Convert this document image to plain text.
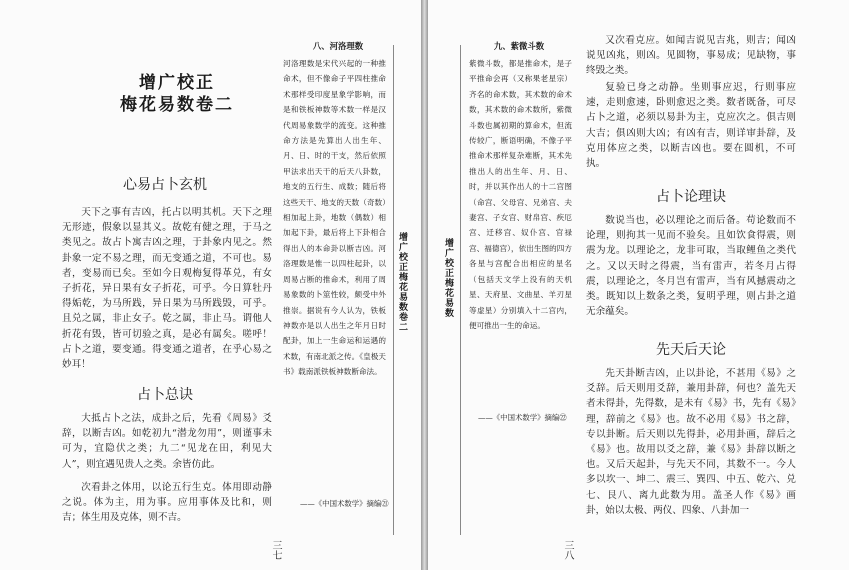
增广校正
梅花易数卷二
心易占卜玄机

天下之事有吉凶，托占以明其机。天下之理无形迹，假象以显其义。故乾有健之理，于马之类见之。故占卜寓吉凶之理，于卦象内见之。然卦象一定不易之理，而无变通之道，不可也。易者，变易而已矣。至如今日观梅复得革兑，有女子折花，异日果有女子折花，可乎。今日算牡丹得姤乾，为马所践，异日果为马所践毁，可乎。且兑之属，非止女子。乾之属，非止马。谓他人折花有毁，皆可切验之真，是必有属矣。嗟呼！占卜之道，要变通。得变通之道者，在乎心易之妙耳！

占卜总诀

大抵占卜之法，成卦之后，先看《周易》爻辞，以断吉凶。如乾初九“潜龙勿用”，则谨事未可为，宜隐伏之类；九二“见龙在田，利见大人”，则宜遇见贵人之类。余皆仿此。

次看卦之体用，以论五行生克。体用即动静之说。体为主，用为事。应用事体及比和，则吉；体生用及克体，则不吉。

八、河洛理数

河洛理数是宋代兴起的一种推命术，但不像命子平四柱推命术那样受印度星象学影响，而是和铁板神数等术数一样是汉代周易象数学的流变。这种推命方法是先算出人出生年、月、日、时的干支，然后依照甲法求出天干的后天八卦数，地支的五行生、成数；随后将这些天干、地支的天数（奇数）相加起上卦，地数（偶数）相加起下卦，最后将上下卦相合得出人的本命卦以断吉凶。河洛理数是惟一以四柱起卦，以周易占断的推命术，利用了周易象数的卜筮性较，颇受中外推崇。据说有今人认为，铁板神数亦是以人出生之年月日时配卦，加上一生命运和运遇的术数，有南北派之传。《皇极天书》载南派铁板神数断命法。

——《中国术数学》摘编㉑

增广校正梅花易数卷二
三七
增广校正梅花易数
九、紫微斗数

紫微斗数，都是推命术，是子平推命会再（又称果老星宗）齐名的命术数，其术数的命术数，其术数的命术数所，紫微斗数也属初期的算命术，但流传较广，断语明确，不像子平推命术那样复杂难断，其术先推出人的出生年、月、日、时，并以其作出人的十二宫图（命宫、父母宫、兄弟宫、夫妻宫、子女宫、财帛宫、疾厄宫、迁移宫、奴仆宫、官禄宫、福德宫），依出生图的四方各星与宫配合出相应的星名（包括天文学上没有的天机星、天府星、文曲星、羊刃星等虚星）分别填入十二宫内，便可推出一生的命运。

——《中国术数学》摘编㉒

又次看克应。如闻吉说见吉兆，则吉；闻凶说见凶兆，则凶。见圆物，事易成；见缺物，事终毁之类。

复验已身之动静。坐则事应迟，行则事应速，走则愈速，卧则愈迟之类。数者既备，可尽占卜之道，必须以易卦为主，克应次之。俱吉则大吉；俱凶则大凶；有凶有吉，则详审卦辞，及克用体应之类，以断吉凶也。要在圆机，不可执。

占卜论理诀

数说当也，必以理论之而后备。苟论数而不论理，则拘其一见而不验矣。且如饮食得震，则震为龙。以理论之，龙非可取，当取鲤鱼之类代之。又以天时之得震，当有雷声，若冬月占得震，以理论之，冬月岂有雷声，当有风撼震动之类。既知以上数条之类，复明乎理，则占卦之道无余蕴矣。

先天后天论

先天卦断吉凶，止以卦论，不甚用《易》之爻辞。后天则用爻辞，兼用卦辞，何也？盖先天者未得卦，先得数，是未有《易》书，先有《易》理，辞前之《易》也。故不必用《易》书之辞，专以卦断。后天则以先得卦，必用卦画，辞后之《易》也。故用以爻之辞，兼《易》卦辞以断之也。又后天起卦，与先天不同，其数不一。今人多以坎一、坤二、震三、巽四、中五、乾六、兑七、艮八、离九此数为用。盖圣人作《易》画卦，始以太极、两仪、四象、八卦加一

三八
